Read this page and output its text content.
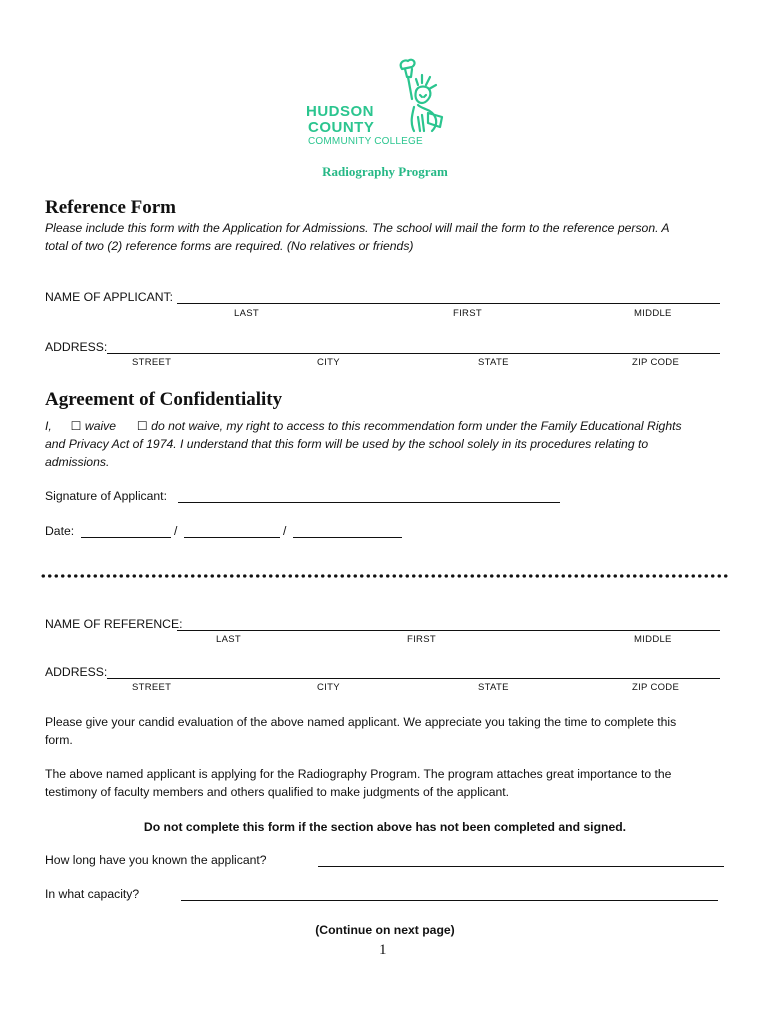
HUDSON
COUNTY
COMMUNITY COLLEGE
Radiography Program
Reference Form
Please include this form with the Application for Admissions. The school will mail the form to the reference person. A
total of two (2) reference forms are required. (No relatives or friends)
NAME OF APPLICANT:
LAST	FIRST	MIDDLE
ADDRESS:
STREET	CITY	STATE	ZIP CODE
Agreement of Confidentiality
I, ☐ waive ☐ do not waive, my right to access to this recommendation form under the Family Educational Rights
and Privacy Act of 1974. I understand that this form will be used by the school solely in its procedures relating to
admissions.
Signature of Applicant:
Date:	/	/
NAME OF REFERENCE:
LAST	FIRST	MIDDLE
ADDRESS:
STREET	CITY	STATE	ZIP CODE
Please give your candid evaluation of the above named applicant. We appreciate you taking the time to complete this
form.
The above named applicant is applying for the Radiography Program. The program attaches great importance to the
testimony of faculty members and others qualified to make judgments of the applicant.
Do not complete this form if the section above has not been completed and signed.
How long have you known the applicant?
In what capacity?
(Continue on next page)
1
